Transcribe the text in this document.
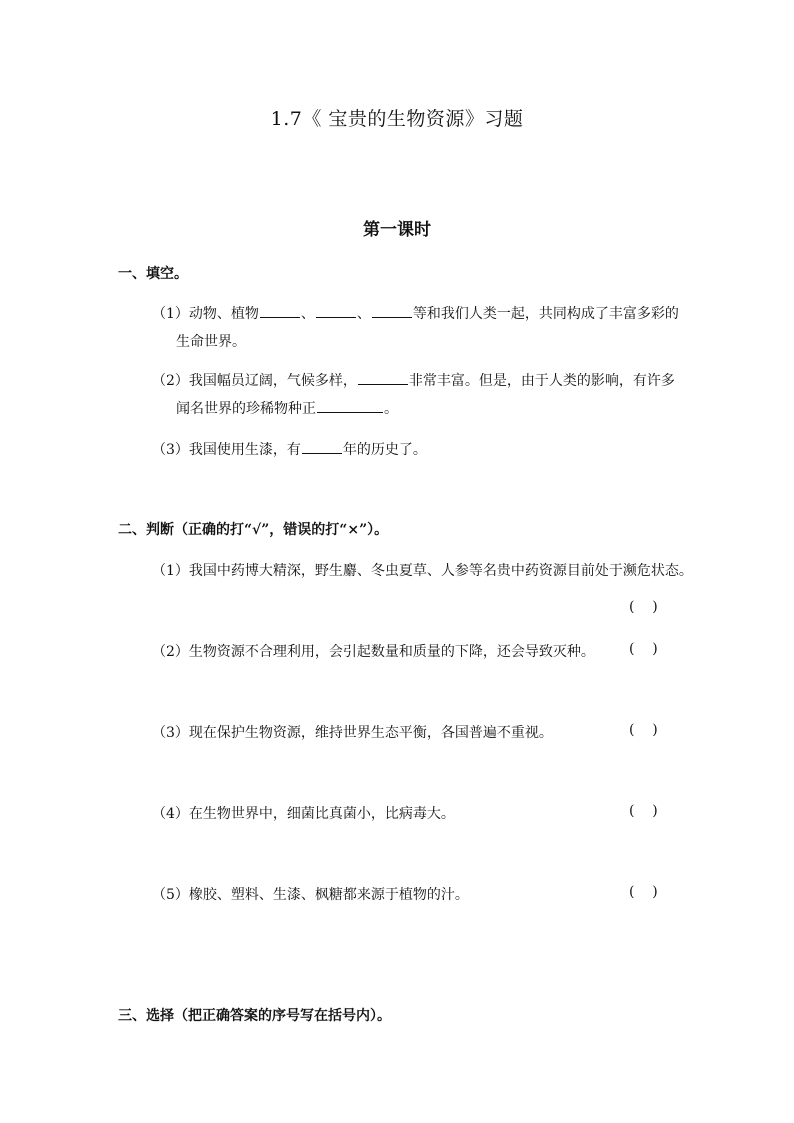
1.7《 宝贵的生物资源》习题
第一课时
一、填空。
（1）动物、植物	、	、	等和我们人类一起，共同构成了丰富多彩的
生命世界。
（2）我国幅员辽阔，气候多样，	非常丰富。但是，由于人类的影响，有许多
闻名世界的珍稀物种正	。
（3）我国使用生漆，有	年的历史了。
二、判断（正确的打“√”，错误的打“×”）。
（1）我国中药博大精深，野生麝、冬虫夏草、人参等名贵中药资源目前处于濒危状态。
(    )
（2）生物资源不合理利用，会引起数量和质量的下降，还会导致灭种。 (    )
（3）现在保护生物资源，维持世界生态平衡，各国普遍不重视。	(    )
（4）在生物世界中，细菌比真菌小，比病毒大。	(    )
（5）橡胶、塑料、生漆、枫糖都来源于植物的汁。	(    )
三、选择（把正确答案的序号写在括号内）。
